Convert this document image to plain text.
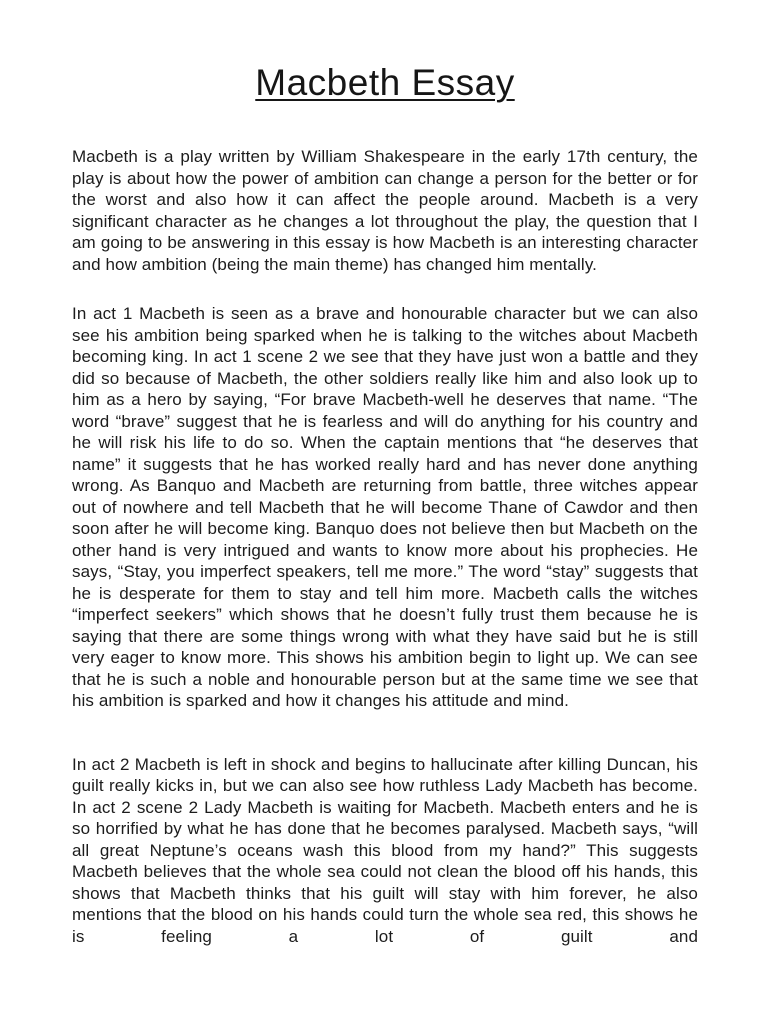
Macbeth Essay

Macbeth is a play written by William Shakespeare in the early 17th century, the play is about how the power of ambition can change a person for the better or for the worst and also how it can affect the people around. Macbeth is a very significant character as he changes a lot throughout the play, the question that I am going to be answering in this essay is how Macbeth is an interesting character and how ambition (being the main theme) has changed him mentally.

In act 1 Macbeth is seen as a brave and honourable character but we can also see his ambition being sparked when he is talking to the witches about Macbeth becoming king. In act 1 scene 2 we see that they have just won a battle and they did so because of Macbeth, the other soldiers really like him and also look up to him as a hero by saying, “For brave Macbeth-well he deserves that name. “The word “brave” suggest that he is fearless and will do anything for his country and he will risk his life to do so. When the captain mentions that “he deserves that name” it suggests that he has worked really hard and has never done anything wrong. As Banquo and Macbeth are returning from battle, three witches appear out of nowhere and tell Macbeth that he will become Thane of Cawdor and then soon after he will become king. Banquo does not believe then but Macbeth on the other hand is very intrigued and wants to know more about his prophecies. He says, “Stay, you imperfect speakers, tell me more.” The word “stay” suggests that he is desperate for them to stay and tell him more. Macbeth calls the witches “imperfect seekers” which shows that he doesn’t fully trust them because he is saying that there are some things wrong with what they have said but he is still very eager to know more. This shows his ambition begin to light up. We can see that he is such a noble and honourable person but at the same time we see that his ambition is sparked and how it changes his attitude and mind.

In act 2 Macbeth is left in shock and begins to hallucinate after killing Duncan, his guilt really kicks in, but we can also see how ruthless Lady Macbeth has become. In act 2 scene 2 Lady Macbeth is waiting for Macbeth. Macbeth enters and he is so horrified by what he has done that he becomes paralysed. Macbeth says, “will all great Neptune’s oceans wash this blood from my hand?” This suggests Macbeth believes that the whole sea could not clean the blood off his hands, this shows that Macbeth thinks that his guilt will stay with him forever, he also mentions that the blood on his hands could turn the whole sea red, this shows he is feeling a lot of guilt and
